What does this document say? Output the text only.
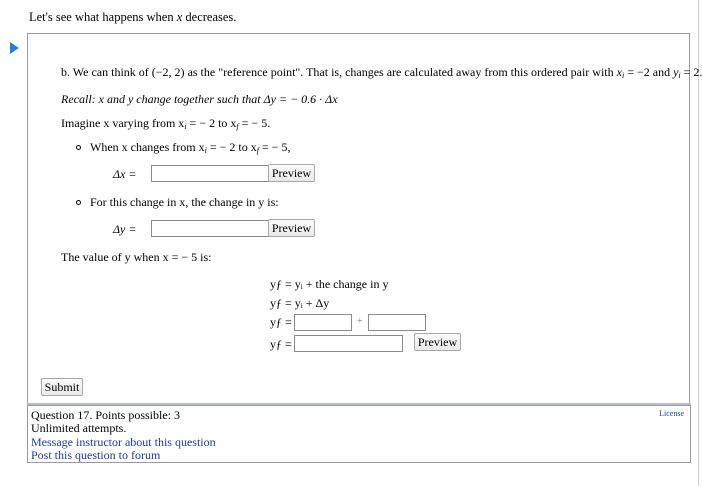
Let's see what happens when x decreases.
b. We can think of (−2, 2) as the "reference point". That is, changes are calculated away from this ordered pair with $x_i = -2$ and $y_i = 2$.
Recall: x and y change together such that Δy = − 0.6 · Δx
Imagine x varying from $x_i$ = − 2 to $x_f$ = − 5.
When x changes from $x_i$ = − 2 to $x_f$ = − 5,
Δx =	Preview
For this change in x, the change in y is:
Δy =	Preview
The value of y when x = − 5 is:
yƒ = yᵢ + the change in y
yƒ = yᵢ + Δy
yƒ =	+
yƒ =	Preview
Submit
Question 17. Points possible: 3
Unlimited attempts.
Message instructor about this question
Post this question to forum
License
